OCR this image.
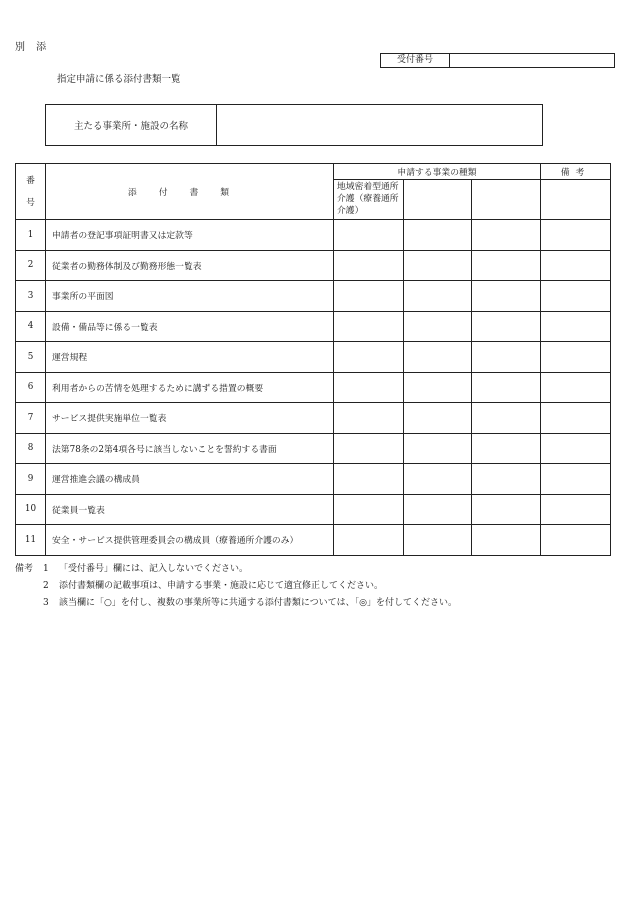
別 添
受付番号
指定申請に係る添付書類一覧
主たる事業所・施設の名称
番
号	添付書類	申請する事業の種類			備考
		地域密着型通所介護（療養通所介護）			
1	申請者の登記事項証明書又は定款等				
2	従業者の勤務体制及び勤務形態一覧表				
3	事業所の平面図				
4	設備・備品等に係る一覧表				
5	運営規程				
6	利用者からの苦情を処理するために講ずる措置の概要				
7	サービス提供実施単位一覧表				
8	法第78条の2第4項各号に該当しないことを誓約する書面				
9	運営推進会議の構成員				
10	従業員一覧表				
11	安全・サービス提供管理委員会の構成員（療養通所介護のみ）				
備考	1	「受付番号」欄には、記入しないでください。
2	添付書類欄の記載事項は、申請する事業・施設に応じて適宜修正してください。
3	該当欄に「○」を付し、複数の事業所等に共通する添付書類については、「◎」を付してください。
